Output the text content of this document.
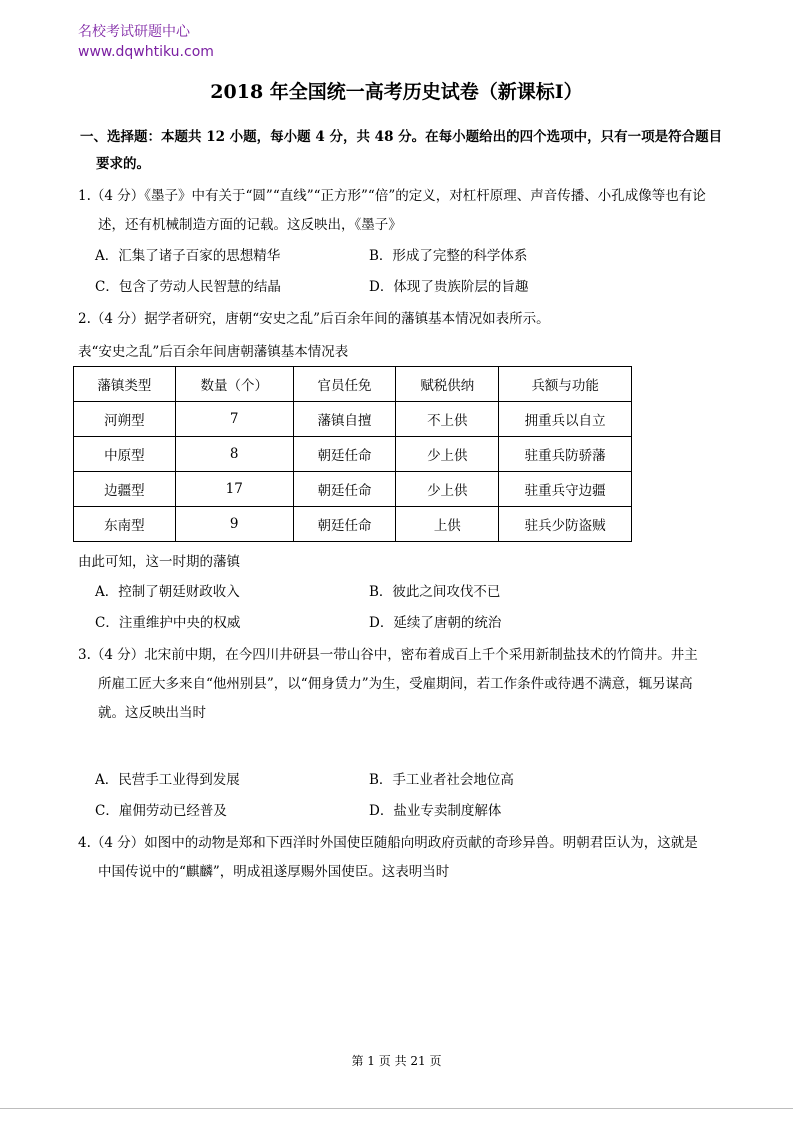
名校考试研题中心
www.dqwhtiku.com
2018 年全国统一高考历史试卷（新课标Ⅰ）
一、选择题：本题共 12 小题，每小题 4 分，共 48 分。在每小题给出的四个选项中，只有一项是符合题目
要求的。
1.（4 分）《墨子》中有关于“圆”“直线”“正方形”“倍”的定义，对杠杆原理、声音传播、小孔成像等也有论
述，还有机械制造方面的记载。这反映出，《墨子》
A．汇集了诸子百家的思想精华	B．形成了完整的科学体系
C．包含了劳动人民智慧的结晶	D．体现了贵族阶层的旨趣
2.（4 分）据学者研究，唐朝“安史之乱”后百余年间的藩镇基本情况如表所示。
表“安史之乱”后百余年间唐朝藩镇基本情况表
藩镇类型	数量（个）	官员任免	赋税供纳	兵额与功能
河朔型	7	藩镇自擅	不上供	拥重兵以自立
中原型	8	朝廷任命	少上供	驻重兵防骄藩
边疆型	17	朝廷任命	少上供	驻重兵守边疆
东南型	9	朝廷任命	上供	驻兵少防盗贼
由此可知，这一时期的藩镇
A．控制了朝廷财政收入	B．彼此之间攻伐不已
C．注重维护中央的权威	D．延续了唐朝的统治
3.（4 分）北宋前中期，在今四川井研县一带山谷中，密布着成百上千个采用新制盐技术的竹筒井。井主
所雇工匠大多来自“他州别县”，以“佣身赁力”为生，受雇期间，若工作条件或待遇不满意，辄另谋高
就。这反映出当时
A．民营手工业得到发展	B．手工业者社会地位高
C．雇佣劳动已经普及	D．盐业专卖制度解体
4.（4 分）如图中的动物是郑和下西洋时外国使臣随船向明政府贡献的奇珍异兽。明朝君臣认为，这就是
中国传说中的“麒麟”，明成祖遂厚赐外国使臣。这表明当时
第 1 页 共 21 页
